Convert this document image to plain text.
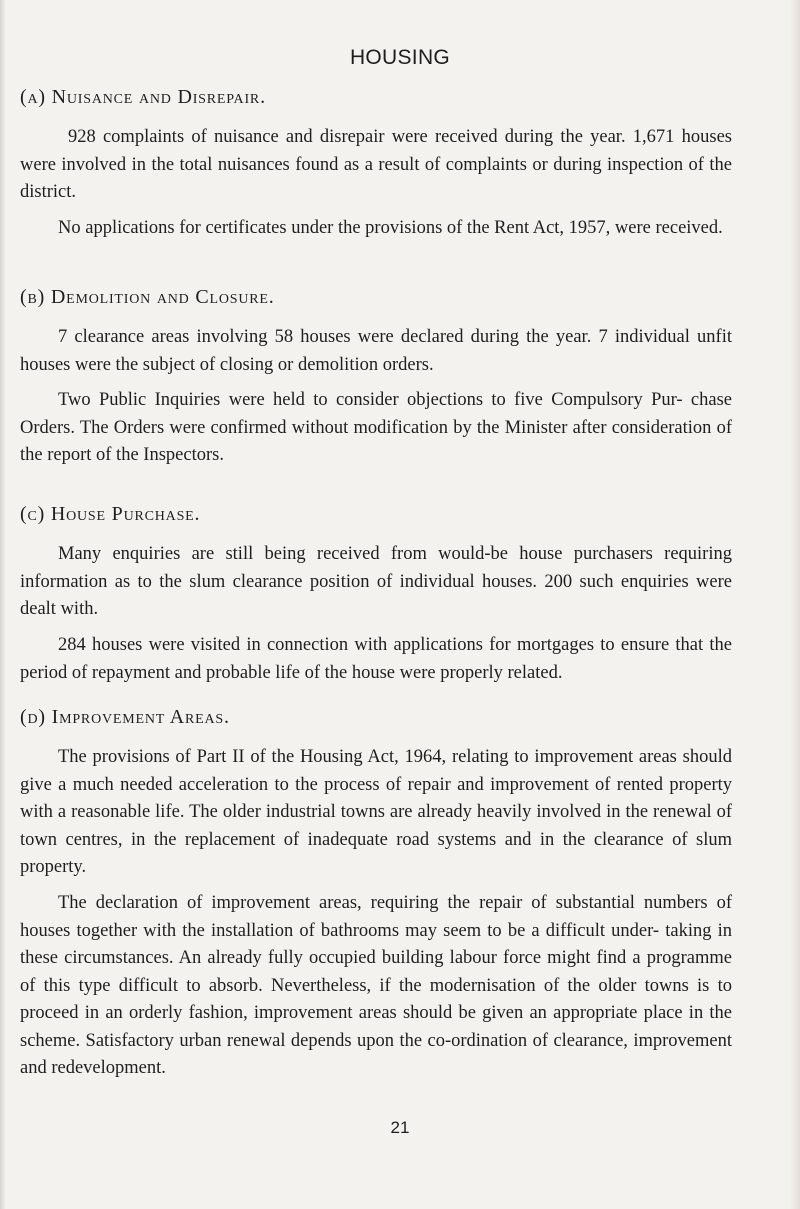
HOUSING
(a) Nuisance and Disrepair.

928 complaints of nuisance and disrepair were received during the year. 1,671 houses were involved in the total nuisances found as a result of complaints or during inspection of the district.

No applications for certificates under the provisions of the Rent Act, 1957, were received.

(b) Demolition and Closure.

7 clearance areas involving 58 houses were declared during the year. 7 individual unfit houses were the subject of closing or demolition orders.

Two Public Inquiries were held to consider objections to five Compulsory Pur- chase Orders. The Orders were confirmed without modification by the Minister after consideration of the report of the Inspectors.

(c) House Purchase.

Many enquiries are still being received from would-be house purchasers requiring information as to the slum clearance position of individual houses. 200 such enquiries were dealt with.

284 houses were visited in connection with applications for mortgages to ensure that the period of repayment and probable life of the house were properly related.

(d) Improvement Areas.

The provisions of Part II of the Housing Act, 1964, relating to improvement areas should give a much needed acceleration to the process of repair and improvement of rented property with a reasonable life. The older industrial towns are already heavily involved in the renewal of town centres, in the replacement of inadequate road systems and in the clearance of slum property.

The declaration of improvement areas, requiring the repair of substantial numbers of houses together with the installation of bathrooms may seem to be a difficult under- taking in these circumstances. An already fully occupied building labour force might find a programme of this type difficult to absorb. Nevertheless, if the modernisation of the older towns is to proceed in an orderly fashion, improvement areas should be given an appropriate place in the scheme. Satisfactory urban renewal depends upon the co-ordination of clearance, improvement and redevelopment.

21
